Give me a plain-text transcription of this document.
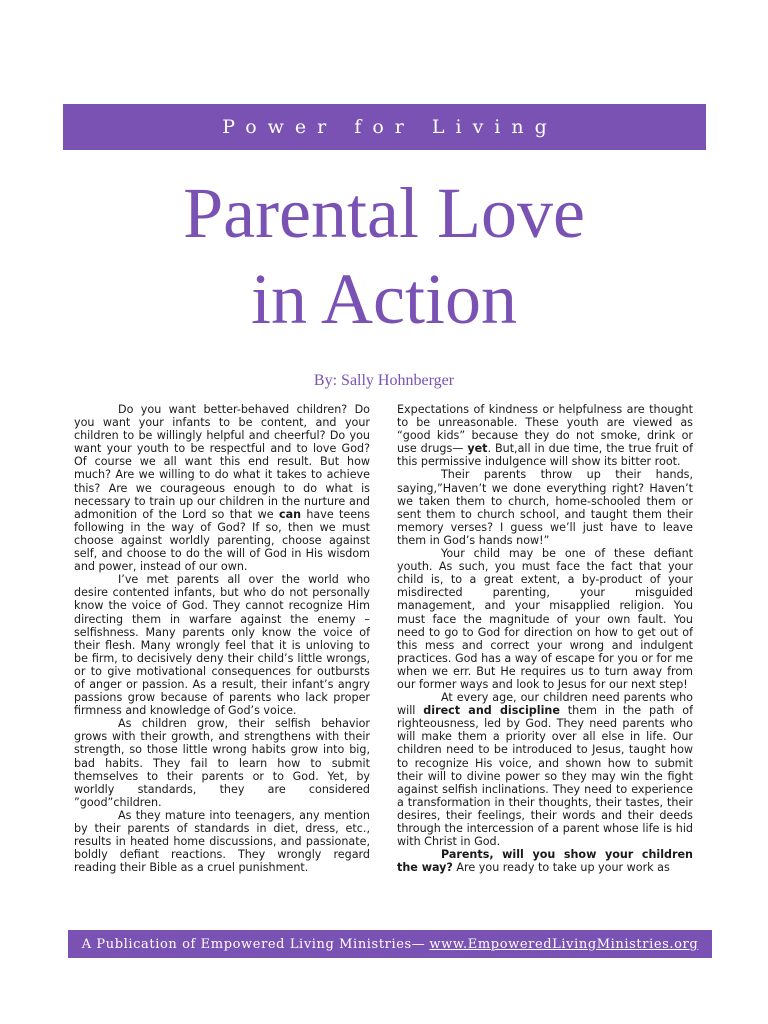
Power for Living
Parental Love
in Action
By: Sally Hohnberger

Do you want better-behaved children? Do you want your infants to be content, and your children to be willingly helpful and cheerful? Do you want your youth to be respectful and to love God? Of course we all want this end result. But how much? Are we willing to do what it takes to achieve this? Are we courageous enough to do what is necessary to train up our children in the nurture and admonition of the Lord so that we can have teens following in the way of God? If so, then we must choose against worldly parenting, choose against self, and choose to do the will of God in His wisdom and power, instead of our own.

I’ve met parents all over the world who desire contented infants, but who do not personally know the voice of God. They cannot recognize Him directing them in warfare against the enemy – selfishness. Many parents only know the voice of their flesh. Many wrongly feel that it is unloving to be firm, to decisively deny their child’s little wrongs, or to give motivational consequences for outbursts of anger or passion. As a result, their infant’s angry passions grow because of parents who lack proper firmness and knowledge of God’s voice.

As children grow, their selfish behavior grows with their growth, and strengthens with their strength, so those little wrong habits grow into big, bad habits. They fail to learn how to submit themselves to their parents or to God. Yet, by worldly standards, they are considered ”good”children.

As they mature into teenagers, any mention by their parents of standards in diet, dress, etc., results in heated home discussions, and passionate, boldly defiant reactions. They wrongly regard reading their Bible as a cruel punishment.

Expectations of kindness or helpfulness are thought to be unreasonable. These youth are viewed as “good kids” because they do not smoke, drink or use drugs— yet. But,all in due time, the true fruit of this permissive indulgence will show its bitter root.

Their parents throw up their hands, saying,”Haven’t we done everything right? Haven’t we taken them to church, home-schooled them or sent them to church school, and taught them their memory verses? I guess we’ll just have to leave them in God’s hands now!”

Your child may be one of these defiant youth. As such, you must face the fact that your child is, to a great extent, a by-product of your misdirected parenting, your misguided management, and your misapplied religion. You must face the magnitude of your own fault. You need to go to God for direction on how to get out of this mess and correct your wrong and indulgent practices. God has a way of escape for you or for me when we err. But He requires us to turn away from our former ways and look to Jesus for our next step!

At every age, our children need parents who will direct and discipline them in the path of righteousness, led by God. They need parents who will make them a priority over all else in life. Our children need to be introduced to Jesus, taught how to recognize His voice, and shown how to submit their will to divine power so they may win the fight against selfish inclinations. They need to experience a transformation in their thoughts, their tastes, their desires, their feelings, their words and their deeds through the intercession of a parent whose life is hid with Christ in God.

Parents, will you show your children the way? Are you ready to take up your work as

A Publication of Empowered Living Ministries— www.EmpoweredLivingMinistries.org
